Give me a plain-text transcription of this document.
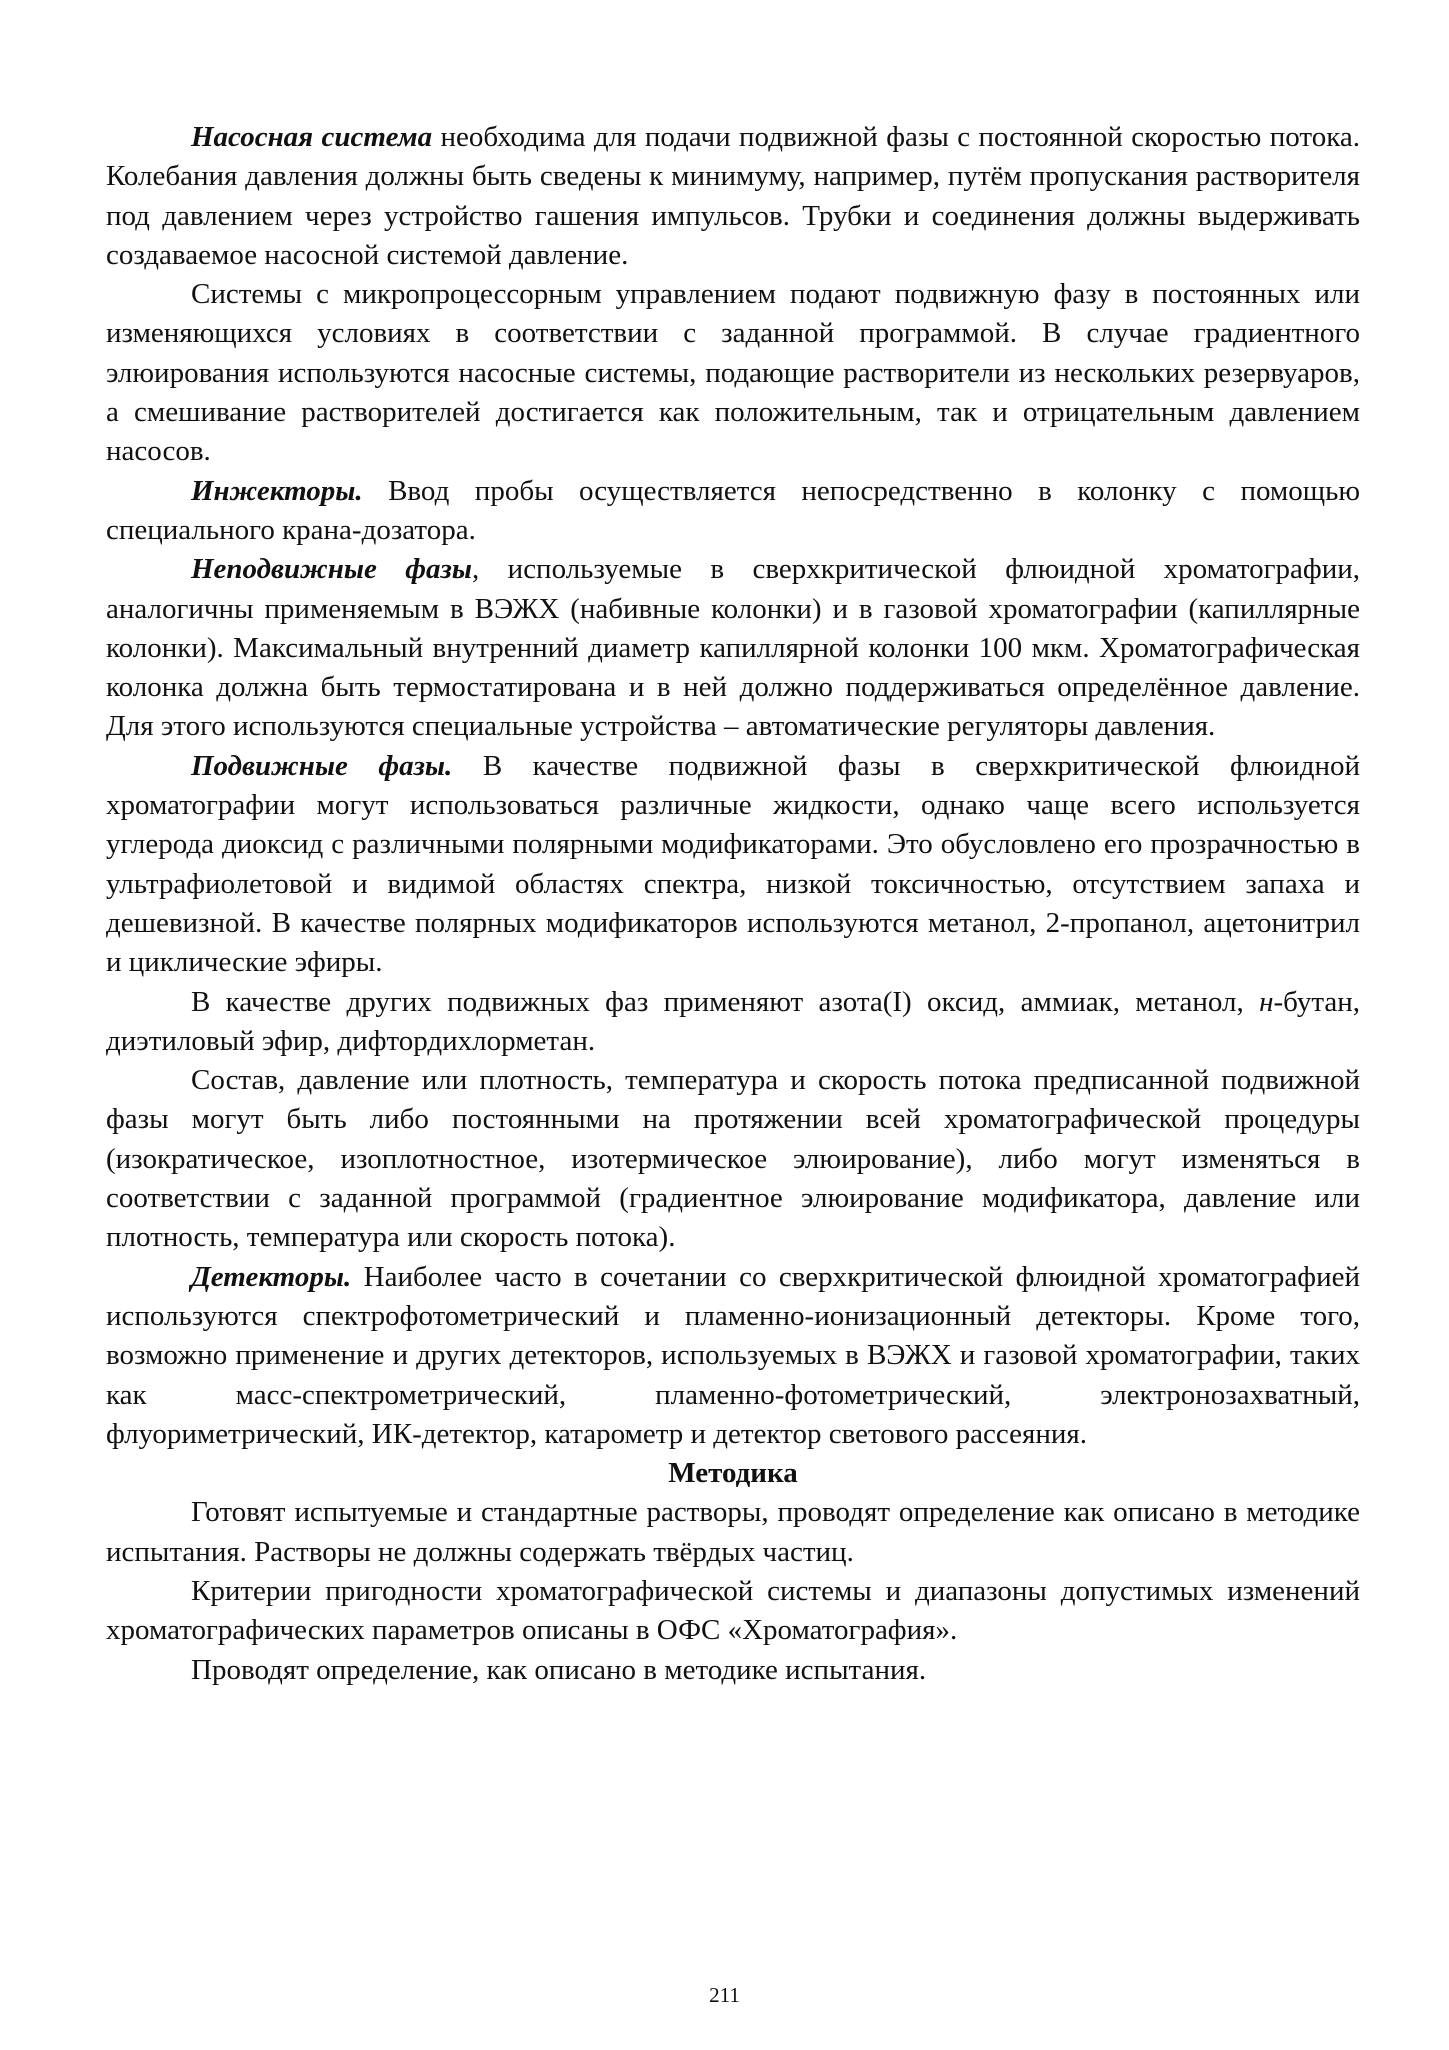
Насосная система необходима для подачи подвижной фазы с постоянной скоростью потока. Колебания давления должны быть сведены к минимуму, например, путём пропускания растворителя под давлением через устройство гашения импульсов. Трубки и соединения должны выдерживать создаваемое насосной системой давление.

Системы с микропроцессорным управлением подают подвижную фазу в постоянных или изменяющихся условиях в соответствии с заданной программой. В случае градиентного элюирования используются насосные системы, подающие растворители из нескольких резервуаров, а смешивание растворителей достигается как положительным, так и отрицательным давлением насосов.

Инжекторы. Ввод пробы осуществляется непосредственно в колонку с помощью специального крана-дозатора.

Неподвижные фазы, используемые в сверхкритической флюидной хроматографии, аналогичны применяемым в ВЭЖХ (набивные колонки) и в газовой хроматографии (капиллярные колонки). Максимальный внутренний диаметр капиллярной колонки 100 мкм. Хроматографическая колонка должна быть термостатирована и в ней должно поддерживаться определённое давление. Для этого используются специальные устройства – автоматические регуляторы давления.

Подвижные фазы. В качестве подвижной фазы в сверхкритической флюидной хроматографии могут использоваться различные жидкости, однако чаще всего используется углерода диоксид с различными полярными модификаторами. Это обусловлено его прозрачностью в ультрафиолетовой и видимой областях спектра, низкой токсичностью, отсутствием запаха и дешевизной. В качестве полярных модификаторов используются метанол, 2-пропанол, ацетонитрил и циклические эфиры.

В качестве других подвижных фаз применяют азота(I) оксид, аммиак, метанол, н-бутан, диэтиловый эфир, дифтордихлорметан.

Состав, давление или плотность, температура и скорость потока предписанной подвижной фазы могут быть либо постоянными на протяжении всей хроматографической процедуры (изократическое, изоплотностное, изотермическое элюирование), либо могут изменяться в соответствии с заданной программой (градиентное элюирование модификатора, давление или плотность, температура или скорость потока).

Детекторы. Наиболее часто в сочетании со сверхкритической флюидной хроматографией используются спектрофотометрический и пламенно-ионизационный детекторы. Кроме того, возможно применение и других детекторов, используемых в ВЭЖХ и газовой хроматографии, таких как масс-спектрометрический, пламенно-фотометрический, электронозахватный, флуориметрический, ИК-детектор, катарометр и детектор светового рассеяния.

Методика

Готовят испытуемые и стандартные растворы, проводят определение как описано в методике испытания. Растворы не должны содержать твёрдых частиц.

Критерии пригодности хроматографической системы и диапазоны допустимых изменений хроматографических параметров описаны в ОФС «Хроматография».

Проводят определение, как описано в методике испытания.

211
